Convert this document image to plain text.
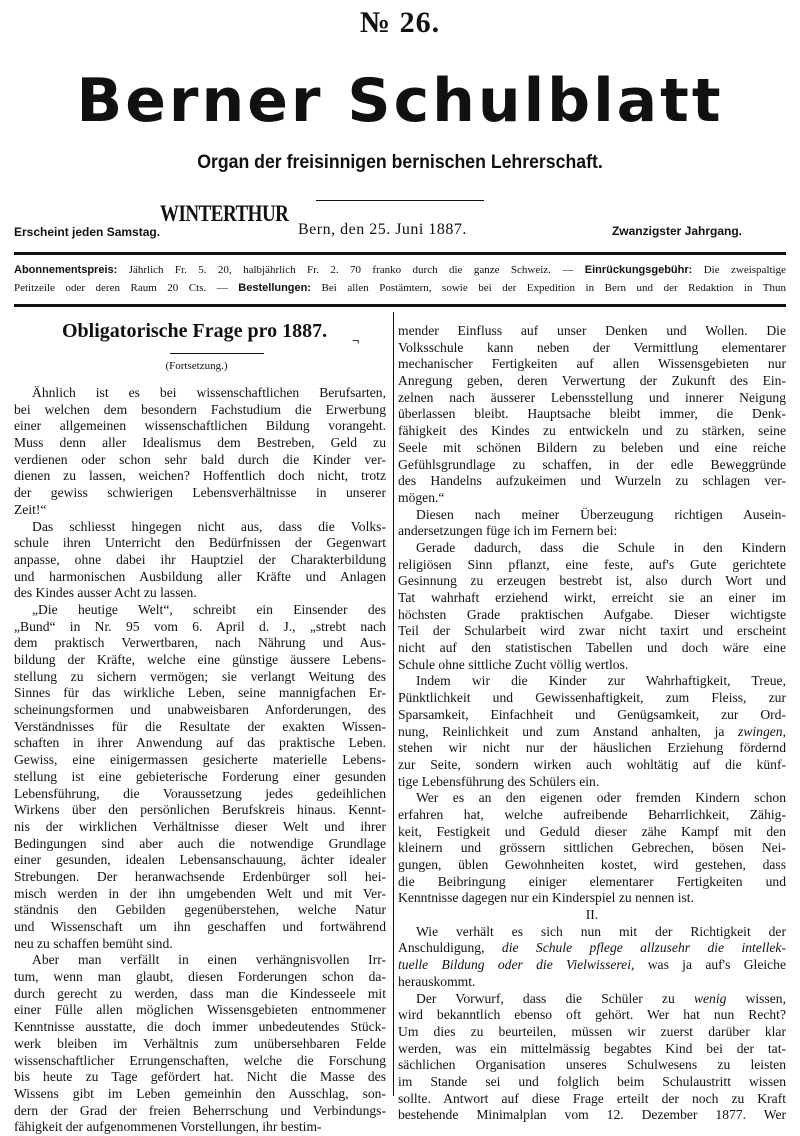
№ 26.
Berner Schulblatt
Organ der freisinnigen bernischen Lehrerschaft.
WINTERTHUR
Erscheint jeden Samstag.	Bern, den 25. Juni 1887.	Zwanzigster Jahrgang.
Abonnementspreis: Jährlich Fr. 5. 20, halbjährlich Fr. 2. 70 franko durch die ganze Schweiz. — Einrückungsgebühr: Die zweispaltige
Petitzeile oder deren Raum 20 Cts. — Bestellungen: Bei allen Postämtern, sowie bei der Expedition in Bern und der Redaktion in Thun
Obligatorische Frage pro 1887. ¬
(Fortsetzung.)
Ähnlich ist es bei wissenschaftlichen Berufsarten,
bei welchen dem besondern Fachstudium die Erwerbung
einer allgemeinen wissenschaftlichen Bildung vorangeht.
Muss denn aller Idealismus dem Bestreben, Geld zu
verdienen oder schon sehr bald durch die Kinder ver-
dienen zu lassen, weichen? Hoffentlich doch nicht, trotz
der gewiss schwierigen Lebensverhältnisse in unserer
Zeit!“
Das schliesst hingegen nicht aus, dass die Volks-
schule ihren Unterricht den Bedürfnissen der Gegenwart
anpasse, ohne dabei ihr Hauptziel der Charakterbildung
und harmonischen Ausbildung aller Kräfte und Anlagen
des Kindes ausser Acht zu lassen.
„Die heutige Welt“, schreibt ein Einsender des
„Bund“ in Nr. 95 vom 6. April d. J., „strebt nach
dem praktisch Verwertbaren, nach Nährung und Aus-
bildung der Kräfte, welche eine günstige äussere Lebens-
stellung zu sichern vermögen; sie verlangt Weitung des
Sinnes für das wirkliche Leben, seine mannigfachen Er-
scheinungsformen und unabweisbaren Anforderungen, des
Verständnisses für die Resultate der exakten Wissen-
schaften in ihrer Anwendung auf das praktische Leben.
Gewiss, eine einigermassen gesicherte materielle Lebens-
stellung ist eine gebieterische Forderung einer gesunden
Lebensführung, die Voraussetzung jedes gedeihlichen
Wirkens über den persönlichen Berufskreis hinaus. Kennt-
nis der wirklichen Verhältnisse dieser Welt und ihrer
Bedingungen sind aber auch die notwendige Grundlage
einer gesunden, idealen Lebensanschauung, ächter idealer
Strebungen. Der heranwachsende Erdenbürger soll hei-
misch werden in der ihn umgebenden Welt und mit Ver-
ständnis den Gebilden gegenüberstehen, welche Natur
und Wissenschaft um ihn geschaffen und fortwährend
neu zu schaffen bemüht sind.
Aber man verfällt in einen verhängnisvollen Irr-
tum, wenn man glaubt, diesen Forderungen schon da-
durch gerecht zu werden, dass man die Kindesseele mit
einer Fülle allen möglichen Wissensgebieten entnommener
Kenntnisse ausstatte, die doch immer unbedeutendes Stück-
werk bleiben im Verhältnis zum unübersehbaren Felde
wissenschaftlicher Errungenschaften, welche die Forschung
bis heute zu Tage gefördert hat. Nicht die Masse des
Wissens gibt im Leben gemeinhin den Ausschlag, son-
dern der Grad der freien Beherrschung und Verbindungs-
fähigkeit der aufgenommenen Vorstellungen, ihr bestim-
mender Einfluss auf unser Denken und Wollen. Die
Volksschule kann neben der Vermittlung elementarer
mechanischer Fertigkeiten auf allen Wissensgebieten nur
Anregung geben, deren Verwertung der Zukunft des Ein-
zelnen nach äusserer Lebensstellung und innerer Neigung
überlassen bleibt. Hauptsache bleibt immer, die Denk-
fähigkeit des Kindes zu entwickeln und zu stärken, seine
Seele mit schönen Bildern zu beleben und eine reiche
Gefühlsgrundlage zu schaffen, in der edle Beweggründe
des Handelns aufzukeimen und Wurzeln zu schlagen ver-
mögen.“
Diesen nach meiner Überzeugung richtigen Ausein-
andersetzungen füge ich im Fernern bei:
Gerade dadurch, dass die Schule in den Kindern
religiösen Sinn pflanzt, eine feste, auf's Gute gerichtete
Gesinnung zu erzeugen bestrebt ist, also durch Wort und
Tat wahrhaft erziehend wirkt, erreicht sie an einer im
höchsten Grade praktischen Aufgabe. Dieser wichtigste
Teil der Schularbeit wird zwar nicht taxirt und erscheint
nicht auf den statistischen Tabellen und doch wäre eine
Schule ohne sittliche Zucht völlig wertlos.
Indem wir die Kinder zur Wahrhaftigkeit, Treue,
Pünktlichkeit und Gewissenhaftigkeit, zum Fleiss, zur
Sparsamkeit, Einfachheit und Genügsamkeit, zur Ord-
nung, Reinlichkeit und zum Anstand anhalten, ja zwingen,
stehen wir nicht nur der häuslichen Erziehung fördernd
zur Seite, sondern wirken auch wohltätig auf die künf-
tige Lebensführung des Schülers ein.
Wer es an den eigenen oder fremden Kindern schon
erfahren hat, welche aufreibende Beharrlichkeit, Zähig-
keit, Festigkeit und Geduld dieser zähe Kampf mit den
kleinern und grössern sittlichen Gebrechen, bösen Nei-
gungen, üblen Gewohnheiten kostet, wird gestehen, dass
die Beibringung einiger elementarer Fertigkeiten und
Kenntnisse dagegen nur ein Kinderspiel zu nennen ist.
II.
Wie verhält es sich nun mit der Richtigkeit der
Anschuldigung, die Schule pflege allzusehr die intellek-
tuelle Bildung oder die Vielwisserei, was ja auf's Gleiche
herauskommt.
Der Vorwurf, dass die Schüler zu wenig wissen,
wird bekanntlich ebenso oft gehört. Wer hat nun Recht?
Um dies zu beurteilen, müssen wir zuerst darüber klar
werden, was ein mittelmässig begabtes Kind bei der tat-
sächlichen Organisation unseres Schulwesens zu leisten
im Stande sei und folglich beim Schulaustritt wissen
sollte. Antwort auf diese Frage erteilt der noch zu Kraft
bestehende Minimalplan vom 12. Dezember 1877. Wer
